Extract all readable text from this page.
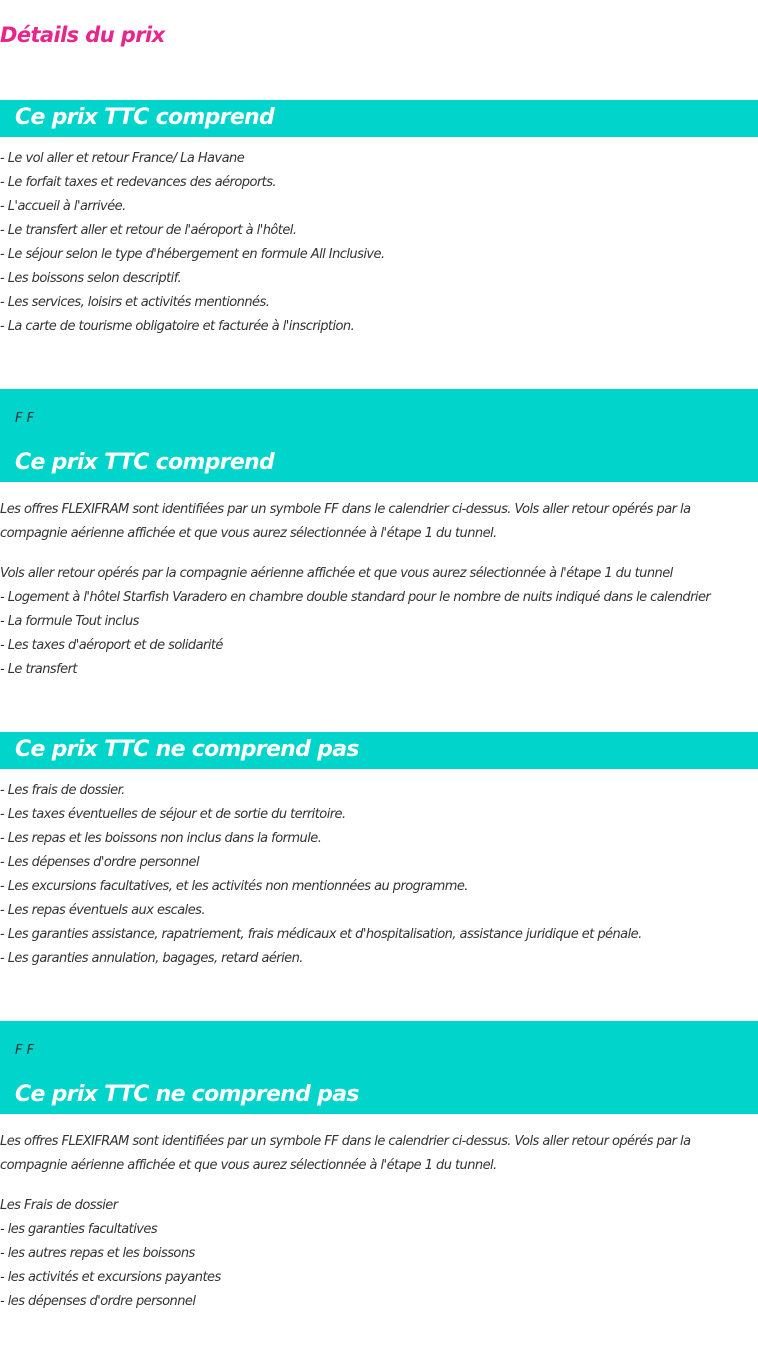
Détails du prix
Ce prix TTC comprend
- Le vol aller et retour France/ La Havane
- Le forfait taxes et redevances des aéroports.
- L'accueil à l'arrivée.
- Le transfert aller et retour de l'aéroport à l'hôtel.
- Le séjour selon le type d'hébergement en formule All Inclusive.
- Les boissons selon descriptif.
- Les services, loisirs et activités mentionnés.
- La carte de tourisme obligatoire et facturée à l'inscription.
F F
Ce prix TTC comprend
Les offres FLEXIFRAM sont identifiées par un symbole FF dans le calendrier ci-dessus. Vols aller retour opérés par la
compagnie aérienne affichée et que vous aurez sélectionnée à l'étape 1 du tunnel.
Vols aller retour opérés par la compagnie aérienne affichée et que vous aurez sélectionnée à l'étape 1 du tunnel
- Logement à l'hôtel Starfish Varadero en chambre double standard pour le nombre de nuits indiqué dans le calendrier
- La formule Tout inclus
- Les taxes d'aéroport et de solidarité
- Le transfert
Ce prix TTC ne comprend pas
- Les frais de dossier.
- Les taxes éventuelles de séjour et de sortie du territoire.
- Les repas et les boissons non inclus dans la formule.
- Les dépenses d'ordre personnel
- Les excursions facultatives, et les activités non mentionnées au programme.
- Les repas éventuels aux escales.
- Les garanties assistance, rapatriement, frais médicaux et d'hospitalisation, assistance juridique et pénale.
- Les garanties annulation, bagages, retard aérien.
F F
Ce prix TTC ne comprend pas
Les offres FLEXIFRAM sont identifiées par un symbole FF dans le calendrier ci-dessus. Vols aller retour opérés par la
compagnie aérienne affichée et que vous aurez sélectionnée à l'étape 1 du tunnel.
Les Frais de dossier
- les garanties facultatives
- les autres repas et les boissons
- les activités et excursions payantes
- les dépenses d'ordre personnel
